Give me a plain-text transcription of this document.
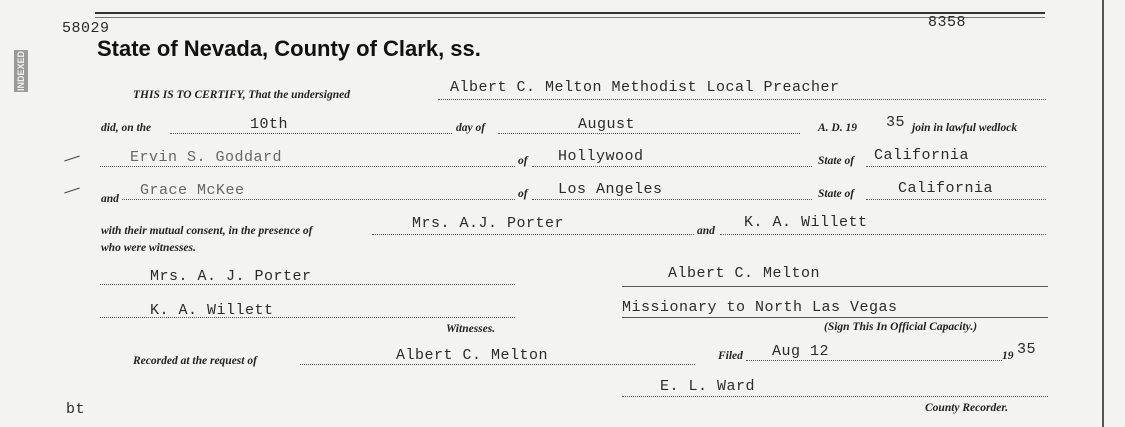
INDEXED
58029	8358
State of Nevada, County of Clark, ss.
THIS IS TO CERTIFY, That the undersigned	Albert C. Melton Methodist Local Preacher
did, on the	10th	day of	August	A. D. 19 35 join in lawful wedlock
Ervin S. Goddard	of Hollywood	State of California
and Grace McKee	of Los Angeles	State of	California
with their mutual consent, in the presence of	Mrs. A.J. Porter	and K. A. Willett
who were witnesses.
Mrs. A. J. Porter	Albert C. Melton
K. A. Willett	Missionary to North Las Vegas
Witnesses.	(Sign This In Official Capacity.)
Recorded at the request of	Albert C. Melton	Filed Aug 12	19 35
E. L. Ward
County Recorder.
bt
